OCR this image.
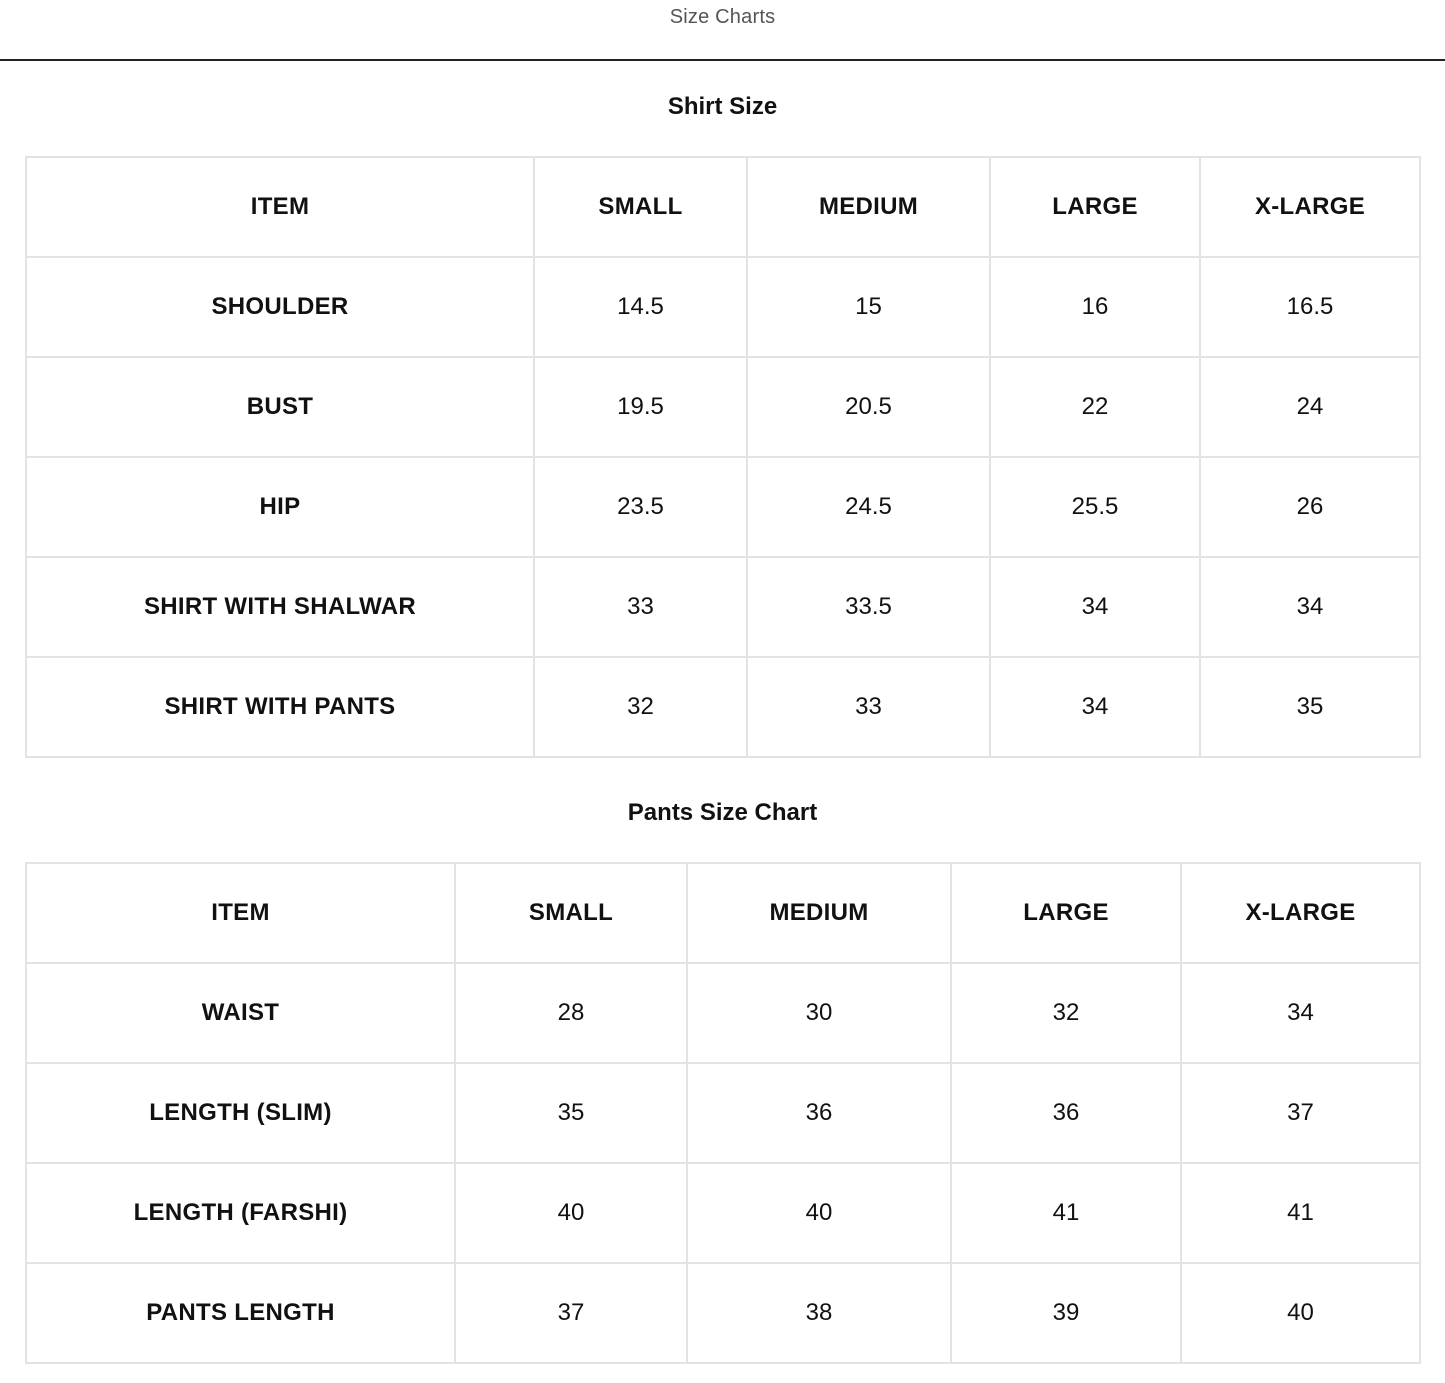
Size Charts
Shirt Size
ITEM	SMALL	MEDIUM	LARGE	X-LARGE
SHOULDER	14.5	15	16	16.5
BUST	19.5	20.5	22	24
HIP	23.5	24.5	25.5	26
SHIRT WITH SHALWAR	33	33.5	34	34
SHIRT WITH PANTS	32	33	34	35
Pants Size Chart
ITEM	SMALL	MEDIUM	LARGE	X-LARGE
WAIST	28	30	32	34
LENGTH (SLIM)	35	36	36	37
LENGTH (FARSHI)	40	40	41	41
PANTS LENGTH	37	38	39	40
